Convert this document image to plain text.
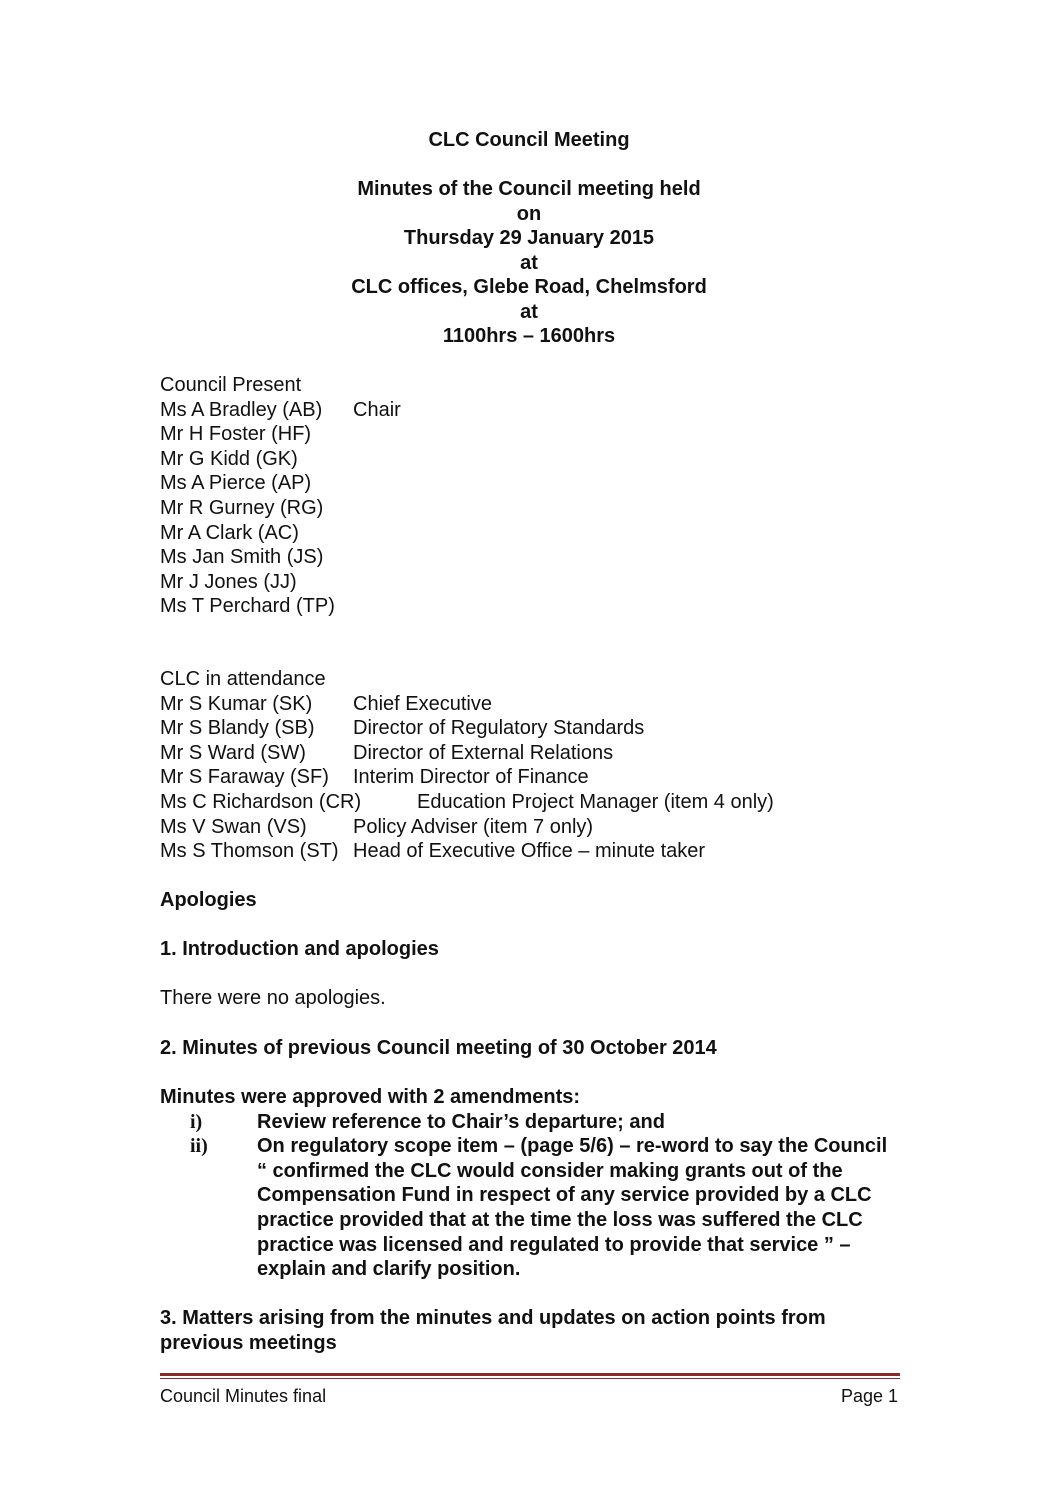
CLC Council Meeting
Minutes of the Council meeting held
on
Thursday 29 January 2015
at
CLC offices, Glebe Road, Chelmsford
at
1100hrs – 1600hrs
Council Present
Ms A Bradley (AB) Chair
Mr H Foster (HF)
Mr G Kidd (GK)
Ms A Pierce (AP)
Mr R Gurney (RG)
Mr A Clark (AC)
Ms Jan Smith (JS)
Mr J Jones (JJ)
Ms T Perchard (TP)
CLC in attendance
Mr S Kumar (SK) Chief Executive
Mr S Blandy (SB) Director of Regulatory Standards
Mr S Ward (SW) Director of External Relations
Mr S Faraway (SF) Interim Director of Finance
Ms C Richardson (CR)	Education Project Manager (item 4 only)
Ms V Swan (VS) Policy Adviser (item 7 only)
Ms S Thomson (ST) Head of Executive Office – minute taker
Apologies
1. Introduction and apologies
There were no apologies.
2. Minutes of previous Council meeting of 30 October 2014
Minutes were approved with 2 amendments:
i)	Review reference to Chair’s departure; and
ii) On regulatory scope item – (page 5/6) – re-word to say the Council “ confirmed the CLC would consider making grants out of the Compensation Fund in respect of any service provided by a CLC practice provided that at the time the loss was suffered the CLC practice was licensed and regulated to provide that service ” – explain and clarify position.
3. Matters arising from the minutes and updates on action points from
previous meetings
Council Minutes final	Page 1
